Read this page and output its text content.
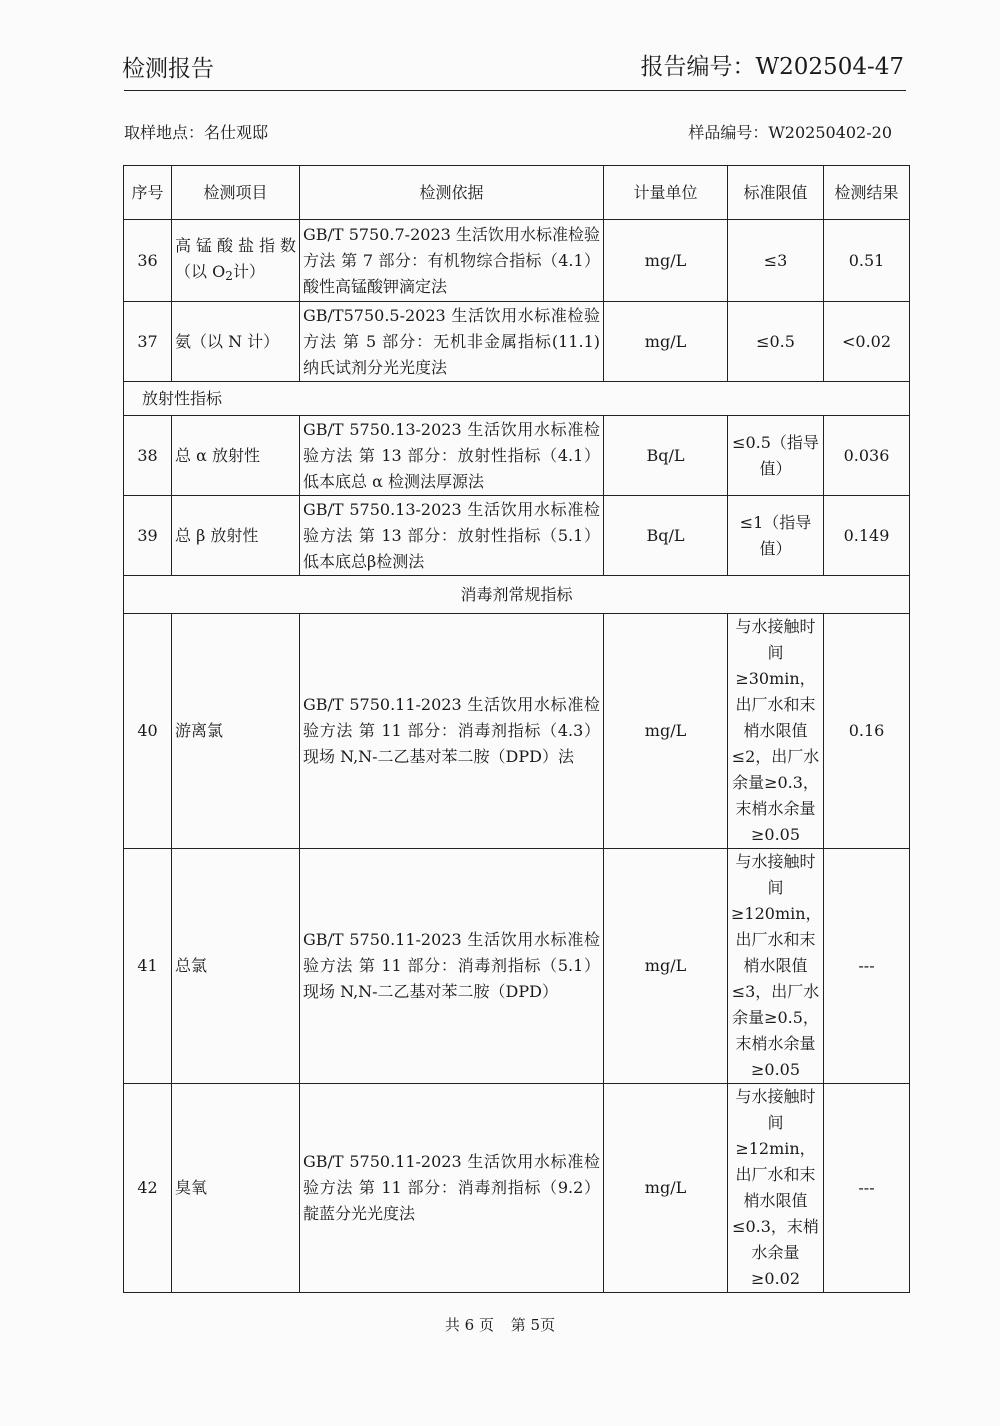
检测报告	报告编号：W202504-47
取样地点：名仕观邸	样品编号：W20250402-20
序号	检测项目	检测依据	计量单位	标准限值	检测结果
36	高锰酸盐指数（以 $O_2$计）	GB/T 5750.7-2023 生活饮用水标准检验方法 第 7 部分：有机物综合指标（4.1）酸性高锰酸钾滴定法	mg/L	≤3	0.51
37	氨（以 N 计）	GB/T5750.5-2023 生活饮用水标准检验方法 第 5 部分：无机非金属指标(11.1) 纳氏试剂分光光度法	mg/L	≤0.5	<0.02
放射性指标					
38	总 α 放射性	GB/T 5750.13-2023 生活饮用水标准检验方法 第 13 部分：放射性指标（4.1）低本底总 α 检测法厚源法	Bq/L	≤0.5（指导值）	0.036
39	总 β 放射性	GB/T 5750.13-2023 生活饮用水标准检验方法 第 13 部分：放射性指标（5.1）低本底总β检测法	Bq/L	≤1（指导值）	0.149
消毒剂常规指标					
40	游离氯	GB/T 5750.11-2023 生活饮用水标准检验方法 第 11 部分：消毒剂指标（4.3）现场 N,N-二乙基对苯二胺（DPD）法	mg/L	与水接触时间≥30min，出厂水和末梢水限值≤2，出厂水余量≥0.3，末梢水余量≥0.05	0.16
41	总氯	GB/T 5750.11-2023 生活饮用水标准检验方法 第 11 部分：消毒剂指标（5.1）现场 N,N-二乙基对苯二胺（DPD）	mg/L	与水接触时间≥120min，出厂水和末梢水限值≤3，出厂水余量≥0.5，末梢水余量≥0.05	---
42	臭氧	GB/T 5750.11-2023 生活饮用水标准检验方法 第 11 部分：消毒剂指标（9.2）靛蓝分光光度法	mg/L	与水接触时间≥12min，出厂水和末梢水限值≤0.3，末梢水余量≥0.02	---
共 6 页 第 5页
